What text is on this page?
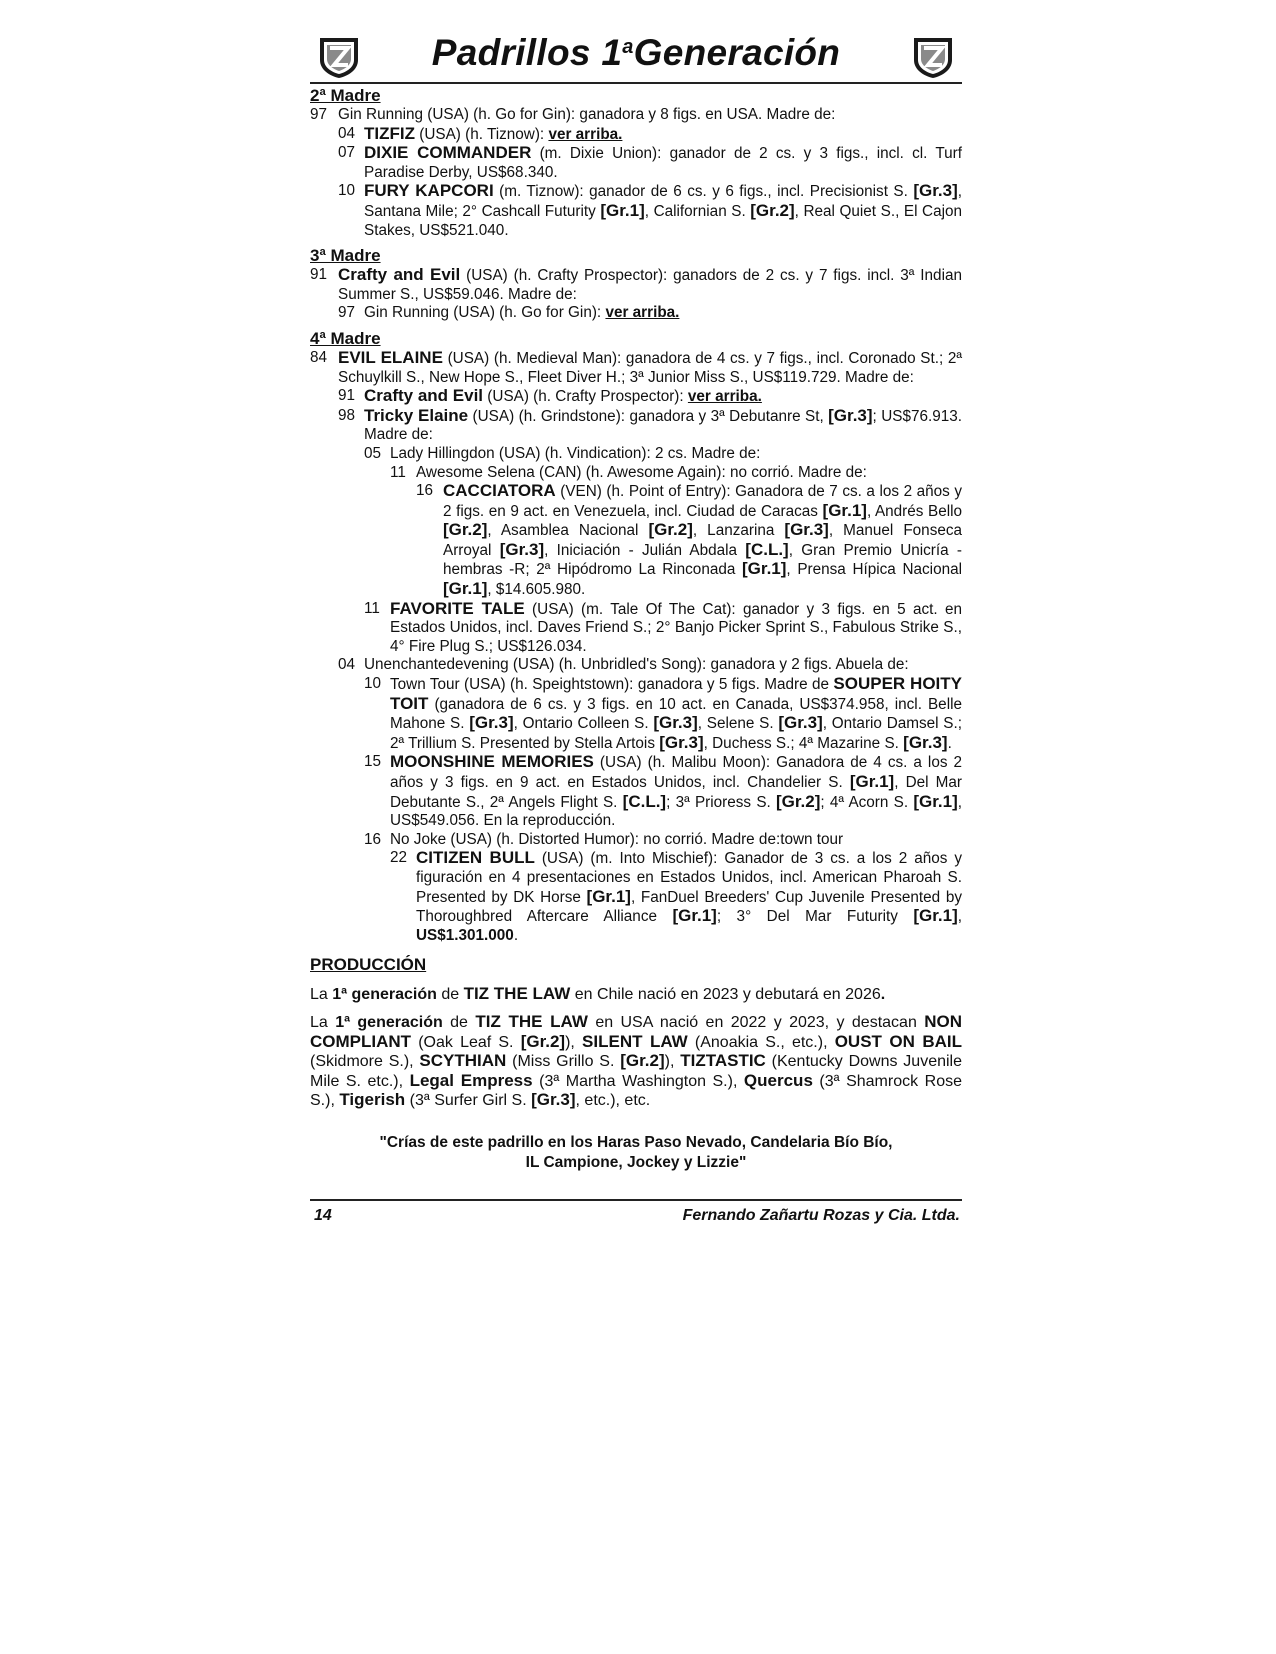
Padrillos 1$^a$Generación
2ª Madre
97 Gin Running (USA) (h. Go for Gin): ganadora y 8 figs. en USA. Madre de:
04 TIZFIZ (USA) (h. Tiznow): ver arriba.
07 DIXIE COMMANDER (m. Dixie Union): ganador de 2 cs. y 3 figs., incl. cl. Turf Paradise Derby, US$68.340.
10 FURY KAPCORI (m. Tiznow): ganador de 6 cs. y 6 figs., incl. Precisionist S. [Gr.3], Santana Mile; 2° Cashcall Futurity [Gr.1], Californian S. [Gr.2], Real Quiet S., El Cajon Stakes, US$521.040.
3ª Madre
91 Crafty and Evil (USA) (h. Crafty Prospector): ganadors de 2 cs. y 7 figs. incl. 3ª Indian Summer S., US$59.046. Madre de:
97 Gin Running (USA) (h. Go for Gin): ver arriba.
4ª Madre
84 EVIL ELAINE (USA) (h. Medieval Man): ganadora de 4 cs. y 7 figs., incl. Coronado St.; 2ª Schuylkill S., New Hope S., Fleet Diver H.; 3ª Junior Miss S., US$119.729. Madre de:
91 Crafty and Evil (USA) (h. Crafty Prospector): ver arriba.
98 Tricky Elaine (USA) (h. Grindstone): ganadora y 3ª Debutanre St, [Gr.3]; US$76.913. Madre de:
05 Lady Hillingdon (USA) (h. Vindication): 2 cs. Madre de:
11 Awesome Selena (CAN) (h. Awesome Again): no corrió. Madre de:
16 CACCIATORA (VEN) (h. Point of Entry): Ganadora de 7 cs. a los 2 años y 2 figs. en 9 act. en Venezuela, incl. Ciudad de Caracas [Gr.1], Andrés Bello [Gr.2], Asamblea Nacional [Gr.2], Lanzarina [Gr.3], Manuel Fonseca Arroyal [Gr.3], Iniciación - Julián Abdala [C.L.], Gran Premio Unicría -hembras -R; 2ª Hipódromo La Rinconada [Gr.1], Prensa Hípica Nacional [Gr.1], $14.605.980.
11 FAVORITE TALE (USA) (m. Tale Of The Cat): ganador y 3 figs. en 5 act. en Estados Unidos, incl. Daves Friend S.; 2° Banjo Picker Sprint S., Fabulous Strike S., 4° Fire Plug S.; US$126.034.
04 Unenchantedevening (USA) (h. Unbridled's Song): ganadora y 2 figs. Abuela de:
10 Town Tour (USA) (h. Speightstown): ganadora y 5 figs. Madre de SOUPER HOITY TOIT (ganadora de 6 cs. y 3 figs. en 10 act. en Canada, US$374.958, incl. Belle Mahone S. [Gr.3], Ontario Colleen S. [Gr.3], Selene S. [Gr.3], Ontario Damsel S.; 2ª Trillium S. Presented by Stella Artois [Gr.3], Duchess S.; 4ª Mazarine S. [Gr.3].
15 MOONSHINE MEMORIES (USA) (h. Malibu Moon): Ganadora de 4 cs. a los 2 años y 3 figs. en 9 act. en Estados Unidos, incl. Chandelier S. [Gr.1], Del Mar Debutante S., 2ª Angels Flight S. [C.L.]; 3ª Prioress S. [Gr.2]; 4ª Acorn S. [Gr.1], US$549.056. En la reproducción.
16 No Joke (USA) (h. Distorted Humor): no corrió. Madre de:town tour
22 CITIZEN BULL (USA) (m. Into Mischief): Ganador de 3 cs. a los 2 años y figuración en 4 presentaciones en Estados Unidos, incl. American Pharoah S. Presented by DK Horse [Gr.1], FanDuel Breeders' Cup Juvenile Presented by Thoroughbred Aftercare Alliance [Gr.1]; 3° Del Mar Futurity [Gr.1], US$1.301.000.
PRODUCCIÓN

La 1ª generación de TIZ THE LAW en Chile nació en 2023 y debutará en 2026.

La 1ª generación de TIZ THE LAW en USA nació en 2022 y 2023, y destacan NON COMPLIANT (Oak Leaf S. [Gr.2]), SILENT LAW (Anoakia S., etc.), OUST ON BAIL (Skidmore S.), SCYTHIAN (Miss Grillo S. [Gr.2]), TIZTASTIC (Kentucky Downs Juvenile Mile S. etc.), Legal Empress (3ª Martha Washington S.), Quercus (3ª Shamrock Rose S.), Tigerish (3ª Surfer Girl S. [Gr.3], etc.), etc.

"Crías de este padrillo en los Haras Paso Nevado, Candelaria Bío Bío,
IL Campione, Jockey y Lizzie"
14	Fernando Zañartu Rozas y Cia. Ltda.
